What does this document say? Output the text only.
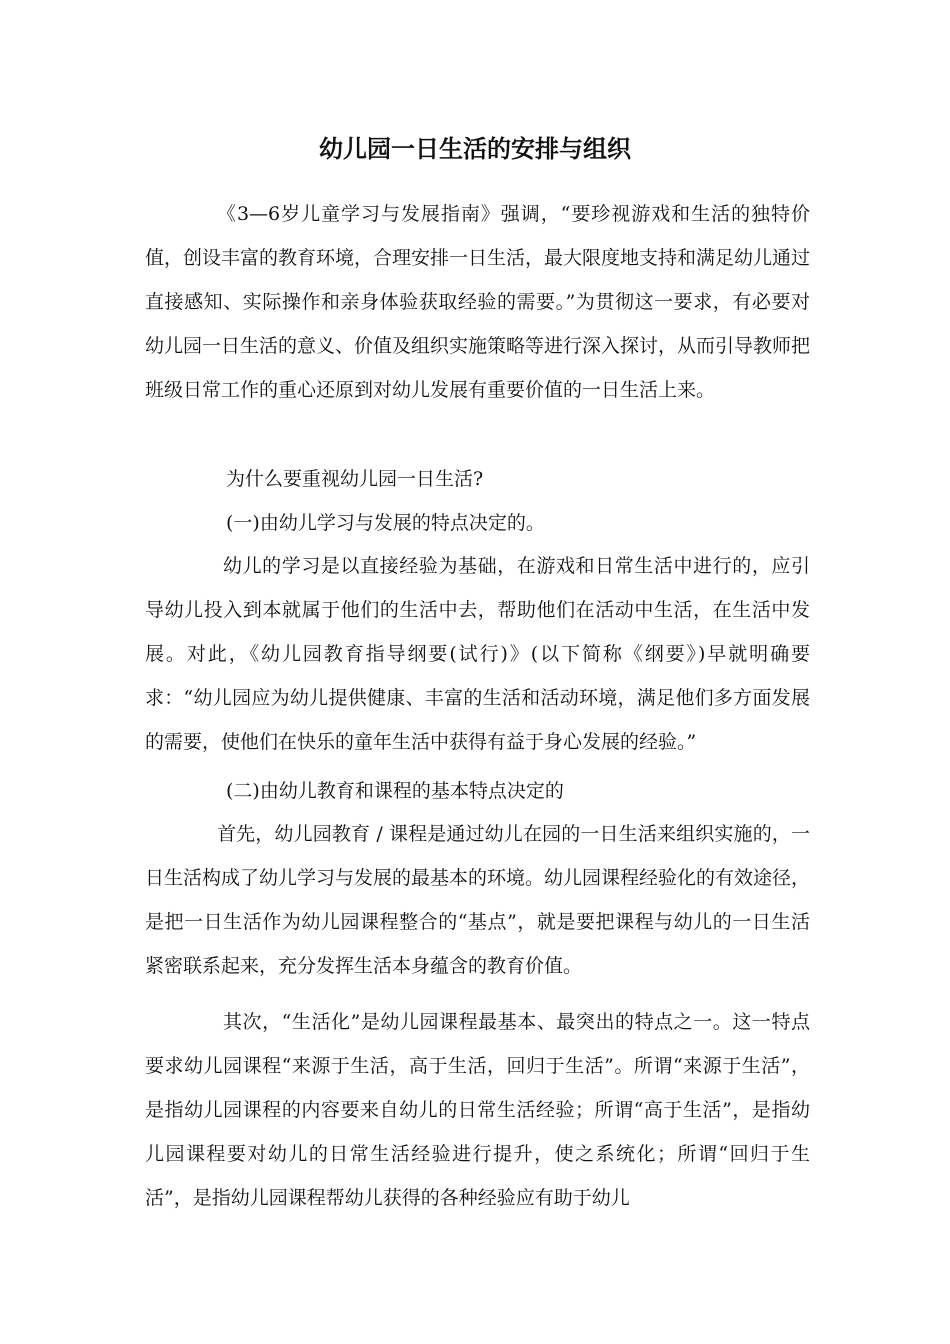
幼儿园一日生活的安排与组织

《3—6岁儿童学习与发展指南》强调，“要珍视游戏和生活的独特价值，创设丰富的教育环境，合理安排一日生活，最大限度地支持和满足幼儿通过直接感知、实际操作和亲身体验获取经验的需要。”为贯彻这一要求，有必要对幼儿园一日生活的意义、价值及组织实施策略等进行深入探讨，从而引导教师把班级日常工作的重心还原到对幼儿发展有重要价值的一日生活上来。

为什么要重视幼儿园一日生活?
(一)由幼儿学习与发展的特点决定的。

幼儿的学习是以直接经验为基础，在游戏和日常生活中进行的，应引导幼儿投入到本就属于他们的生活中去，帮助他们在活动中生活，在生活中发展。对此，《幼儿园教育指导纲要(试行)》(以下简称《纲要》)早就明确要求：“幼儿园应为幼儿提供健康、丰富的生活和活动环境，满足他们多方面发展的需要，使他们在快乐的童年生活中获得有益于身心发展的经验。”

(二)由幼儿教育和课程的基本特点决定的

首先，幼儿园教育 / 课程是通过幼儿在园的一日生活来组织实施的，一日生活构成了幼儿学习与发展的最基本的环境。幼儿园课程经验化的有效途径，是把一日生活作为幼儿园课程整合的“基点”，就是要把课程与幼儿的一日生活紧密联系起来，充分发挥生活本身蕴含的教育价值。

其次，“生活化”是幼儿园课程最基本、最突出的特点之一。这一特点要求幼儿园课程“来源于生活，高于生活，回归于生活”。所谓“来源于生活”，是指幼儿园课程的内容要来自幼儿的日常生活经验；所谓“高于生活”，是指幼儿园课程要对幼儿的日常生活经验进行提升，使之系统化；所谓“回归于生活”，是指幼儿园课程帮幼儿获得的各种经验应有助于幼儿
